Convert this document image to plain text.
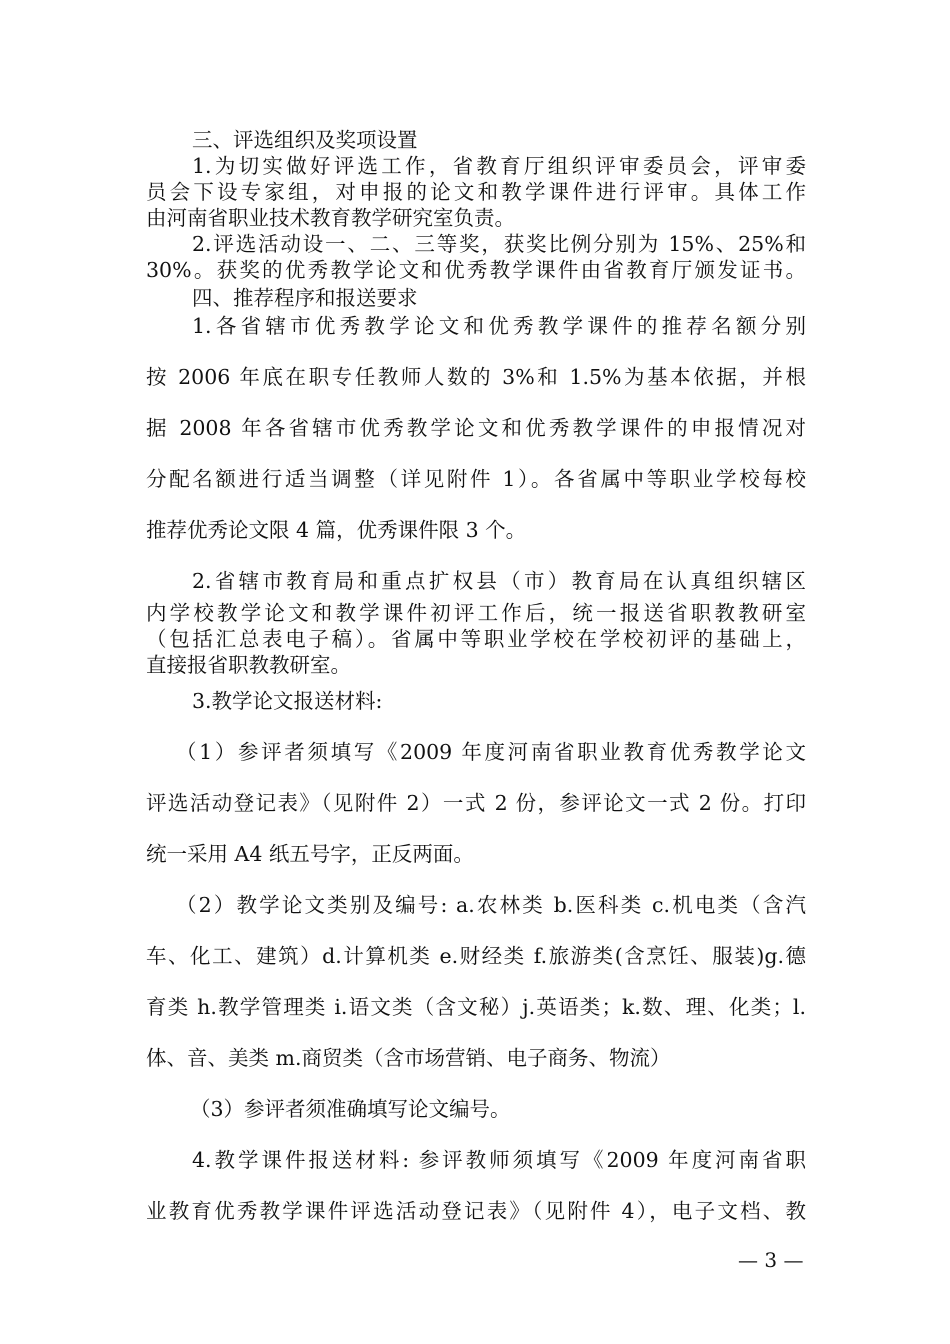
三、评选组织及奖项设置
1.为切实做好评选工作，省教育厅组织评审委员会，评审委
员会下设专家组，对申报的论文和教学课件进行评审。具体工作
由河南省职业技术教育教学研究室负责。
2.评选活动设一、二、三等奖，获奖比例分别为 15%、25%和
30%。获奖的优秀教学论文和优秀教学课件由省教育厅颁发证书。
四、推荐程序和报送要求
1.各省辖市优秀教学论文和优秀教学课件的推荐名额分别
按 2006 年底在职专任教师人数的 3%和 1.5%为基本依据，并根
据 2008 年各省辖市优秀教学论文和优秀教学课件的申报情况对
分配名额进行适当调整（详见附件 1）。各省属中等职业学校每校
推荐优秀论文限 4 篇，优秀课件限 3 个。
2.省辖市教育局和重点扩权县（市）教育局在认真组织辖区
内学校教学论文和教学课件初评工作后，统一报送省职教教研室
（包括汇总表电子稿）。省属中等职业学校在学校初评的基础上，
直接报省职教教研室。
3.教学论文报送材料:
（1）参评者须填写《2009 年度河南省职业教育优秀教学论文
评选活动登记表》（见附件 2）一式 2 份，参评论文一式 2 份。打印
统一采用 A4 纸五号字，正反两面。
（2）教学论文类别及编号: a.农林类 b.医科类 c.机电类（含汽
车、化工、建筑）d.计算机类 e.财经类 f.旅游类(含烹饪、服装)g.德
育类 h.教学管理类 i.语文类（含文秘）j.英语类；k.数、理、化类；l.
体、音、美类 m.商贸类（含市场营销、电子商务、物流）
（3）参评者须准确填写论文编号。
4.教学课件报送材料: 参评教师须填写《2009 年度河南省职
业教育优秀教学课件评选活动登记表》（见附件 4），电子文档、教
— 3 —
